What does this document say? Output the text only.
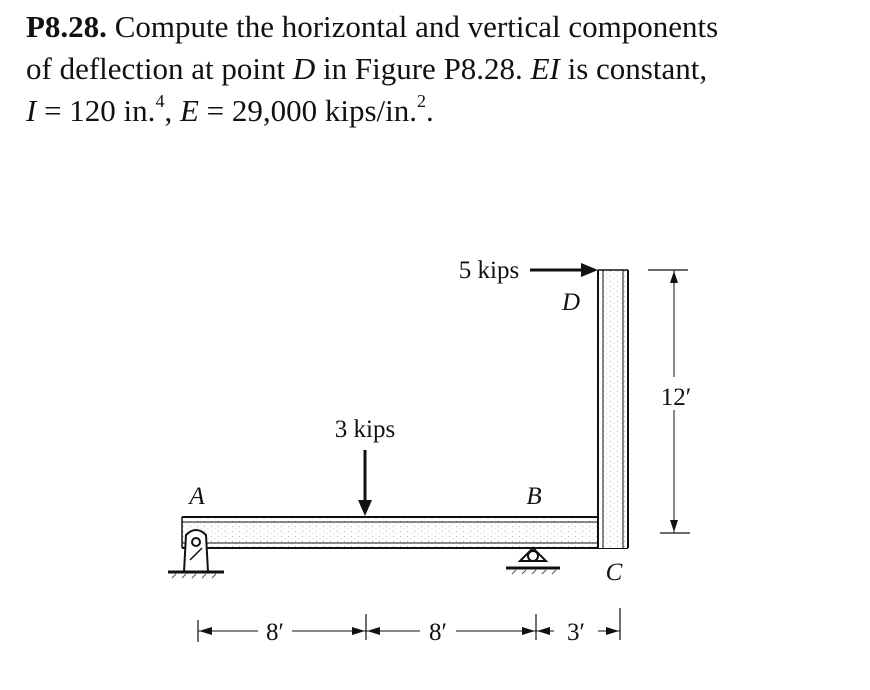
P8.28. Compute the horizontal and vertical components
of deflection at point D in Figure P8.28. EI is constant,
I = 120 in.$^4$, E = 29,000 kips/in.$^2$.
3 kips
5 kips
A	B
C
D
12′
8′	8′	3′
